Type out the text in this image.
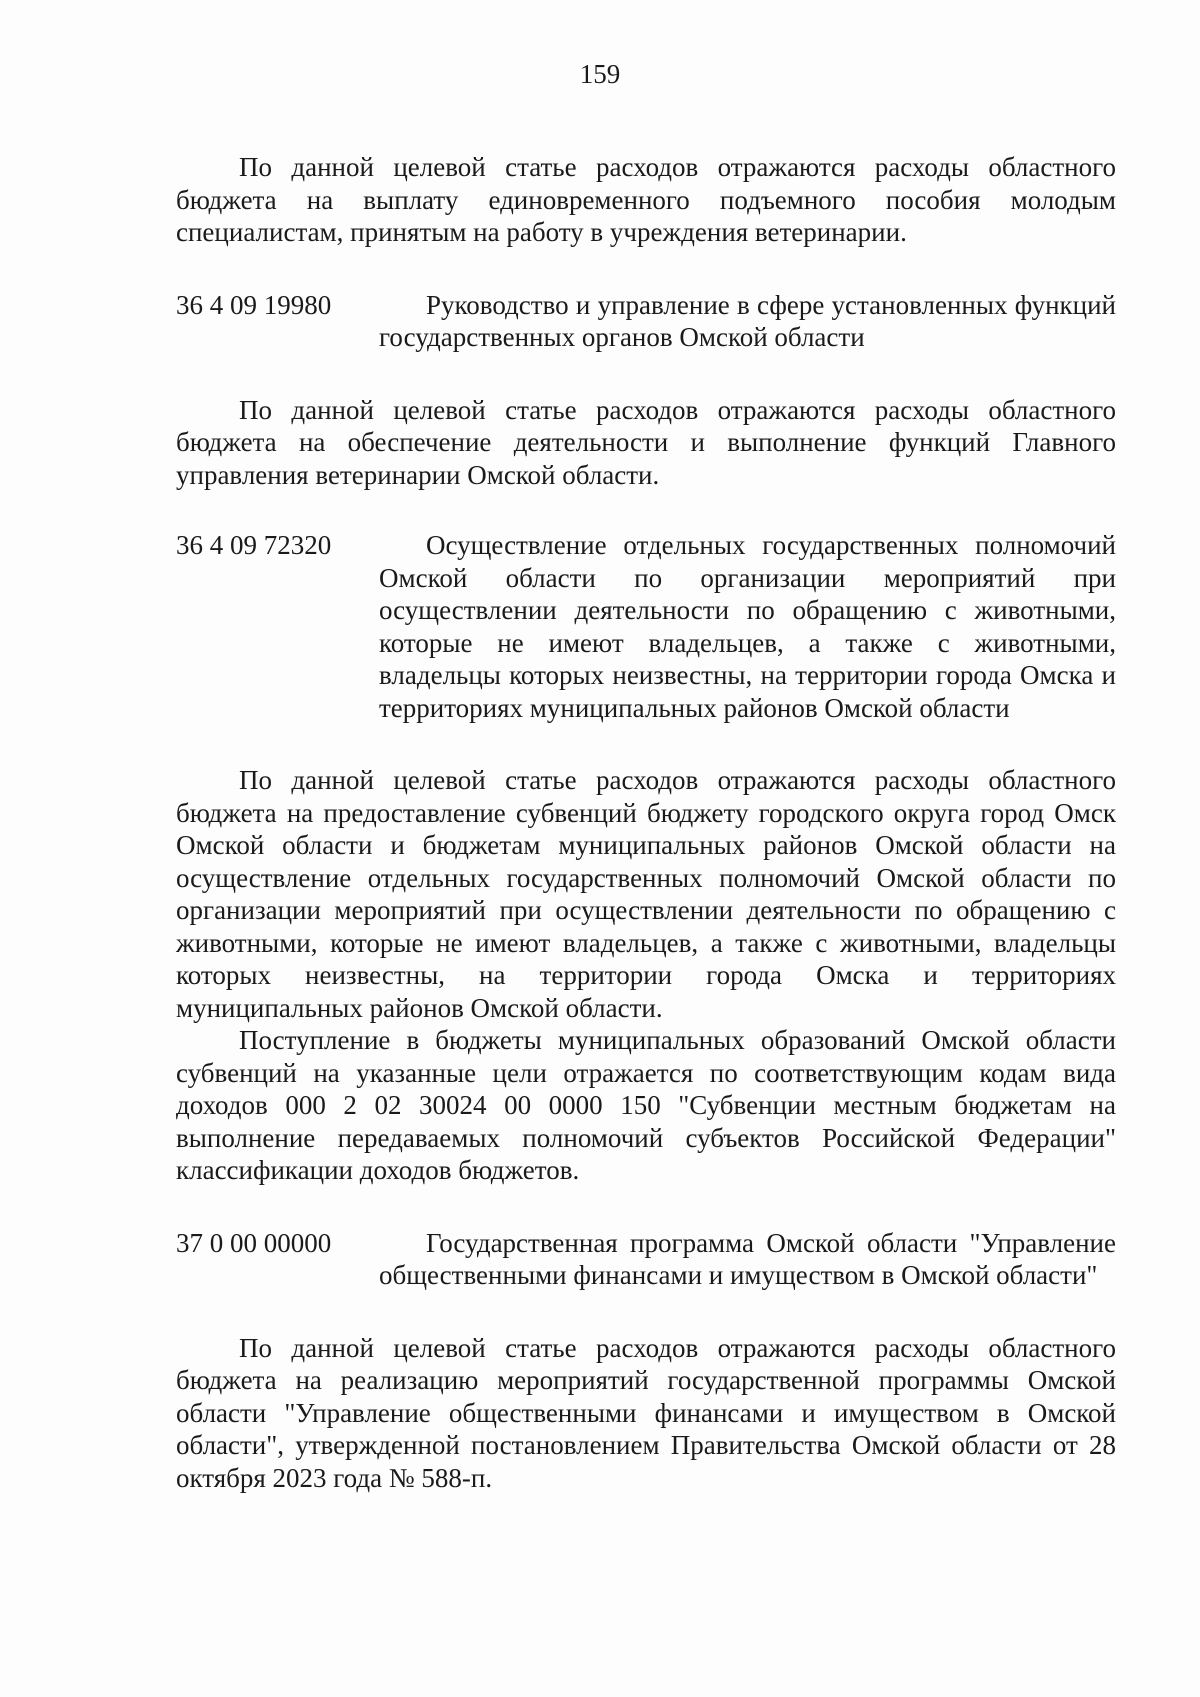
159

По данной целевой статье расходов отражаются расходы областного бюджета на выплату единовременного подъемного пособия молодым специалистам, принятым на работу в учреждения ветеринарии.

36 4 09 19980	Руководство и управление в сфере установленных функций государственных органов Омской области

По данной целевой статье расходов отражаются расходы областного бюджета на обеспечение деятельности и выполнение функций Главного управления ветеринарии Омской области.

36 4 09 72320	Осуществление отдельных государственных полномочий Омской области по организации мероприятий при осуществлении деятельности по обращению с животными, которые не имеют владельцев, а также с животными, владельцы которых неизвестны, на территории города Омска и территориях муниципальных районов Омской области

По данной целевой статье расходов отражаются расходы областного бюджета на предоставление субвенций бюджету городского округа город Омск Омской области и бюджетам муниципальных районов Омской области на осуществление отдельных государственных полномочий Омской области по организации мероприятий при осуществлении деятельности по обращению с животными, которые не имеют владельцев, а также с животными, владельцы которых неизвестны, на территории города Омска и территориях муниципальных районов Омской области.

Поступление в бюджеты муниципальных образований Омской области субвенций на указанные цели отражается по соответствующим кодам вида доходов 000 2 02 30024 00 0000 150 "Субвенции местным бюджетам на выполнение передаваемых полномочий субъектов Российской Федерации" классификации доходов бюджетов.

37 0 00 00000	Государственная программа Омской области "Управление общественными финансами и имуществом в Омской области"

По данной целевой статье расходов отражаются расходы областного бюджета на реализацию мероприятий государственной программы Омской области "Управление общественными финансами и имуществом в Омской области", утвержденной постановлением Правительства Омской области от 28 октября 2023 года № 588-п.
